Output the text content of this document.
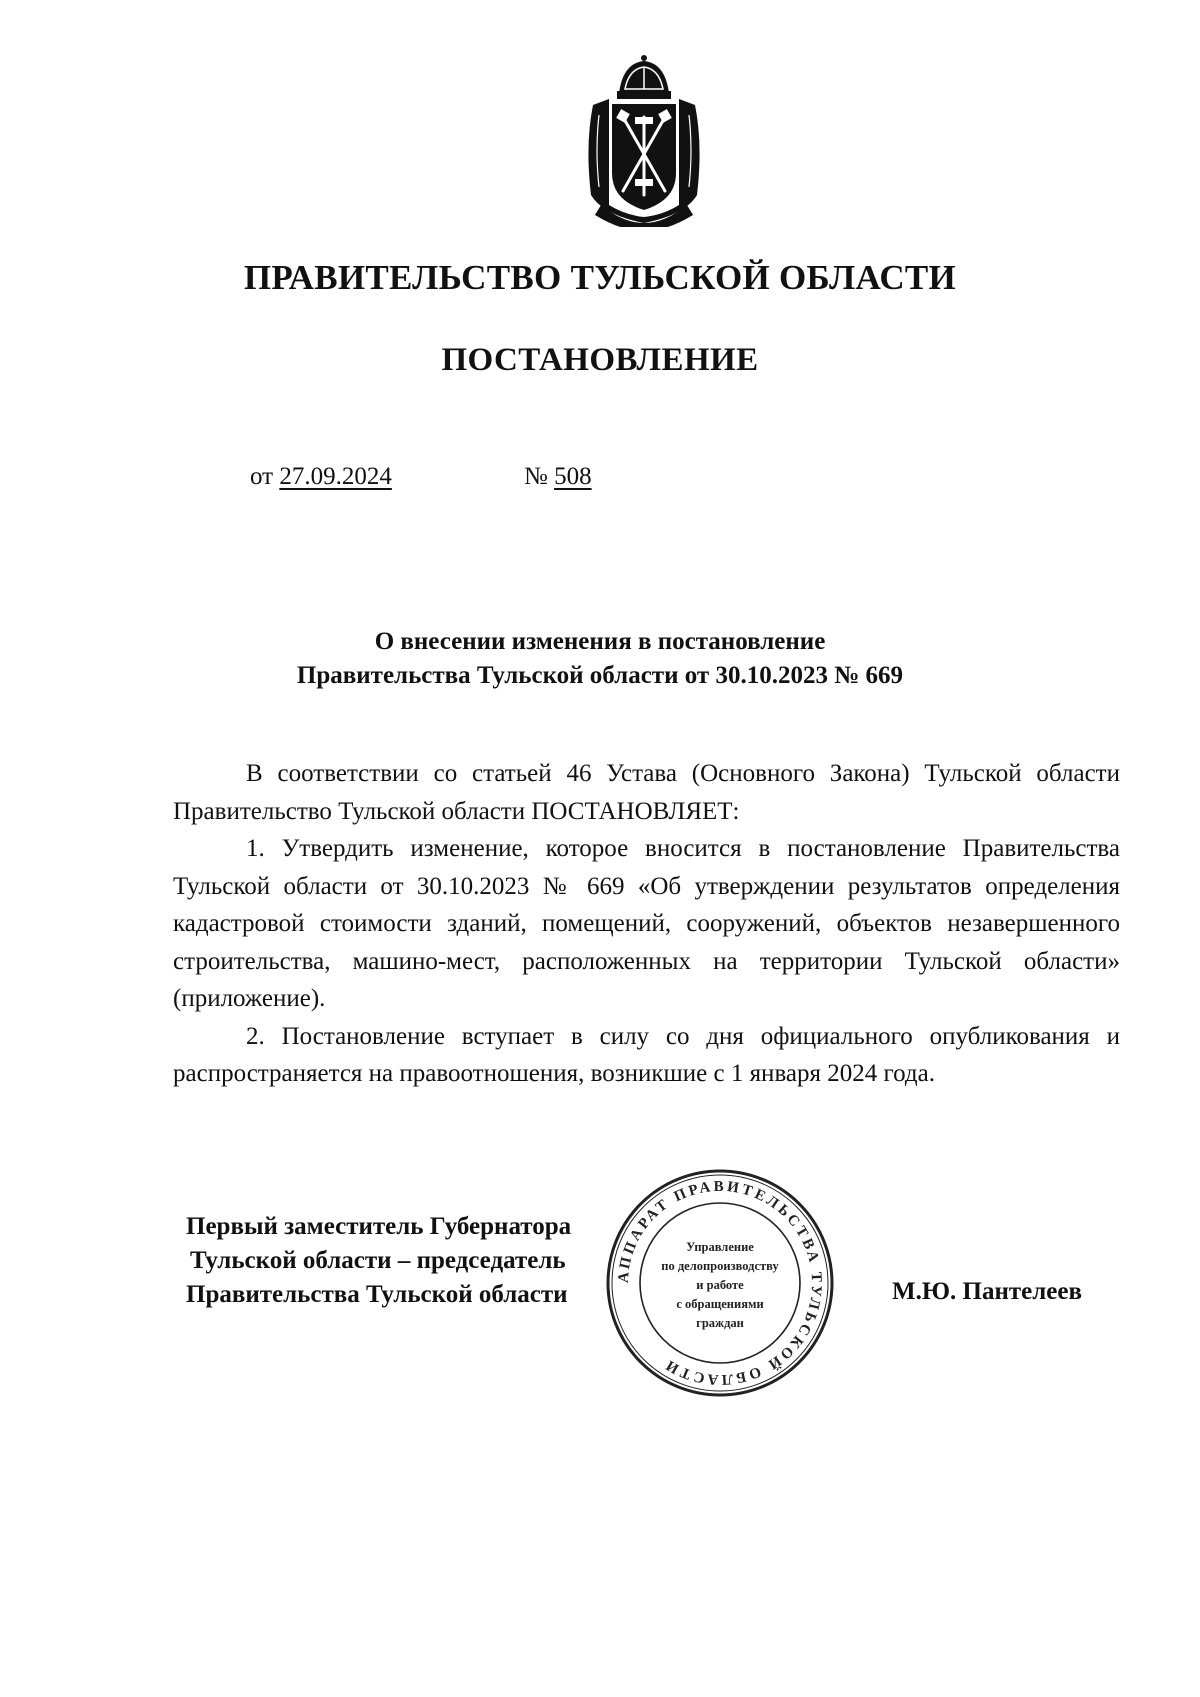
ПРАВИТЕЛЬСТВО ТУЛЬСКОЙ ОБЛАСТИ
ПОСТАНОВЛЕНИЕ
от 27.09.2024	№ 508
О внесении изменения в постановление
Правительства Тульской области от 30.10.2023 № 669

В соответствии со статьей 46 Устава (Основного Закона) Тульской области Правительство Тульской области ПОСТАНОВЛЯЕТ:

1. Утвердить изменение, которое вносится в постановление Правительства Тульской области от 30.10.2023 № 669 «Об утверждении результатов определения кадастровой стоимости зданий, помещений, сооружений, объектов незавершенного строительства, машино-мест, расположенных на территории Тульской области» (приложение).

2. Постановление вступает в силу со дня официального опубликования и распространяется на правоотношения, возникшие с 1 января 2024 года.

Первый заместитель Губернатора
Тульской области – председатель
Правительства Тульской области	М.Ю. Пантелеев
АППАРАТ ПРАВИТЕЛЬСТВА ТУЛЬСКОЙ ОБЛАСТИ
Управление
по делопроизводству
и работе
с обращениями
граждан
